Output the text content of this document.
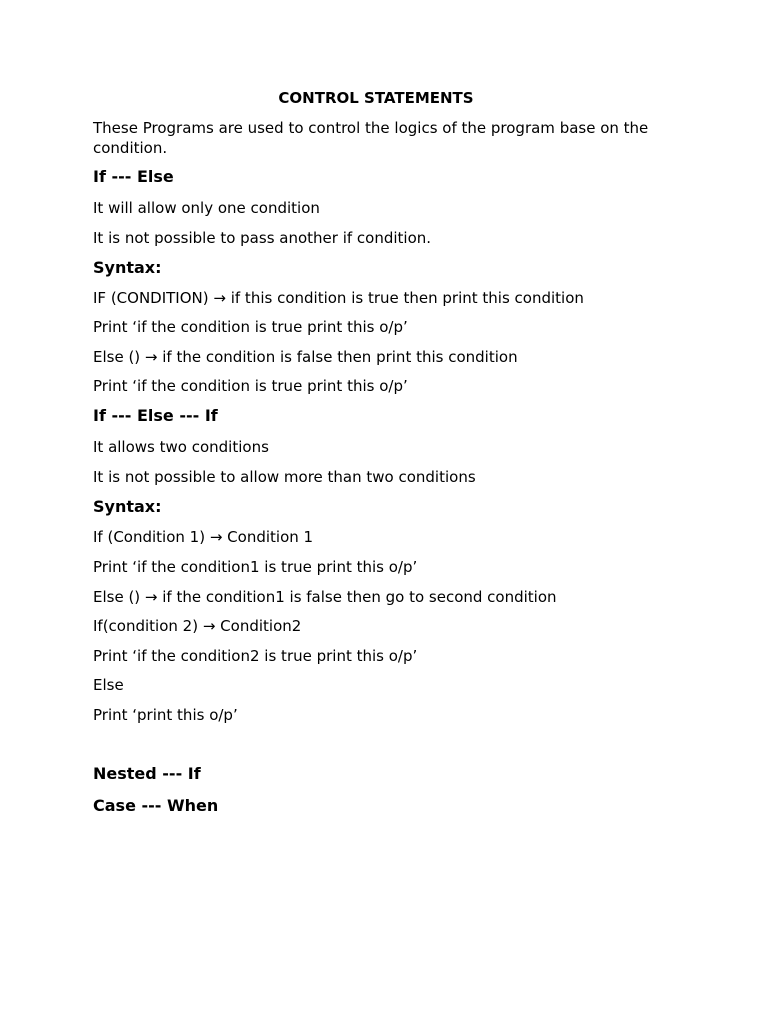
CONTROL STATEMENTS
These Programs are used to control the logics of the program base on the condition.
If --- Else
It will allow only one condition
It is not possible to pass another if condition.
Syntax:
IF (CONDITION) → if this condition is true then print this condition
Print ‘if the condition is true print this o/p’
Else () → if the condition is false then print this condition
Print ‘if the condition is true print this o/p’
If --- Else --- If
It allows two conditions
It is not possible to allow more than two conditions
Syntax:
If (Condition 1) → Condition 1
Print ‘if the condition1 is true print this o/p’
Else () → if the condition1 is false then go to second condition
If(condition 2) → Condition2
Print ‘if the condition2 is true print this o/p’
Else
Print ‘print this o/p’
Nested --- If
Case --- When
